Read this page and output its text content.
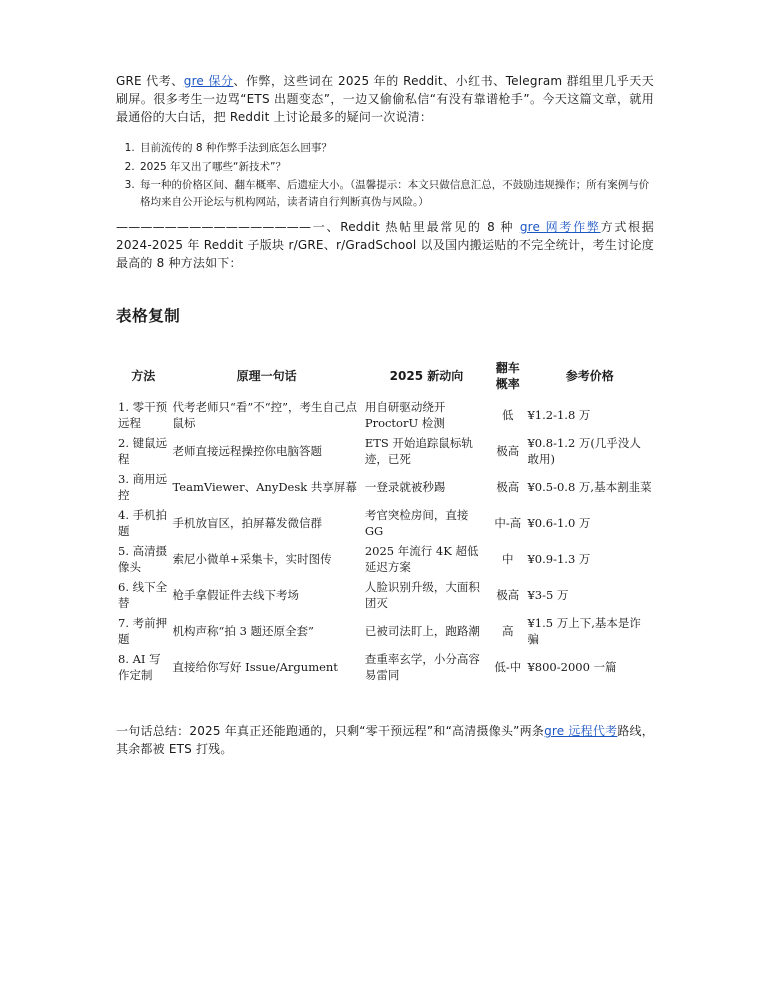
GRE 代考、gre 保分、作弊，这些词在 2025 年的 Reddit、小红书、Telegram 群组里几乎天天刷屏。很多考生一边骂“ETS 出题变态”，一边又偷偷私信“有没有靠谱枪手”。今天这篇文章，就用最通俗的大白话，把 Reddit 上讨论最多的疑问一次说清：

1. 目前流传的 8 种作弊手法到底怎么回事？
2. 2025 年又出了哪些“新技术”？
3. 每一种的价格区间、翻车概率、后遗症大小。（温馨提示：本文只做信息汇总，不鼓励违规操作；所有案例与价格均来自公开论坛与机构网站，读者请自行判断真伪与风险。）

————————————————一、Reddit 热帖里最常见的 8 种 gre 网考作弊方式根据 2024-2025 年 Reddit 子版块 r/GRE、r/GradSchool 以及国内搬运贴的不完全统计，考生讨论度最高的 8 种方法如下：

表格复制
方法	原理一句话	2025 新动向	翻车概率	参考价格
1. 零干预远程	代考老师只“看”不“控”，考生自己点鼠标	用自研驱动绕开 ProctorU 检测	低	¥1.2-1.8 万
2. 键鼠远程	老师直接远程操控你电脑答题	ETS 开始追踪鼠标轨迹，已死	极高	¥0.8-1.2 万(几乎没人敢用)
3. 商用远控	TeamViewer、AnyDesk 共享屏幕	一登录就被秒踢	极高	¥0.5-0.8 万,基本割韭菜
4. 手机拍题	手机放盲区，拍屏幕发微信群	考官突检房间，直接 GG	中-高	¥0.6-1.0 万
5. 高清摄像头	索尼小微单+采集卡，实时图传	2025 年流行 4K 超低延迟方案	中	¥0.9-1.3 万
6. 线下全替	枪手拿假证件去线下考场	人脸识别升级，大面积团灭	极高	¥3-5 万
7. 考前押题	机构声称“拍 3 题还原全套”	已被司法盯上，跑路潮	高	¥1.5 万上下,基本是诈骗
8. AI 写作定制	直接给你写好 Issue/Argument	查重率玄学，小分高容易雷同	低-中	¥800-2000 一篇

一句话总结：2025 年真正还能跑通的，只剩“零干预远程”和“高清摄像头”两条gre 远程代考路线，其余都被 ETS 打残。
